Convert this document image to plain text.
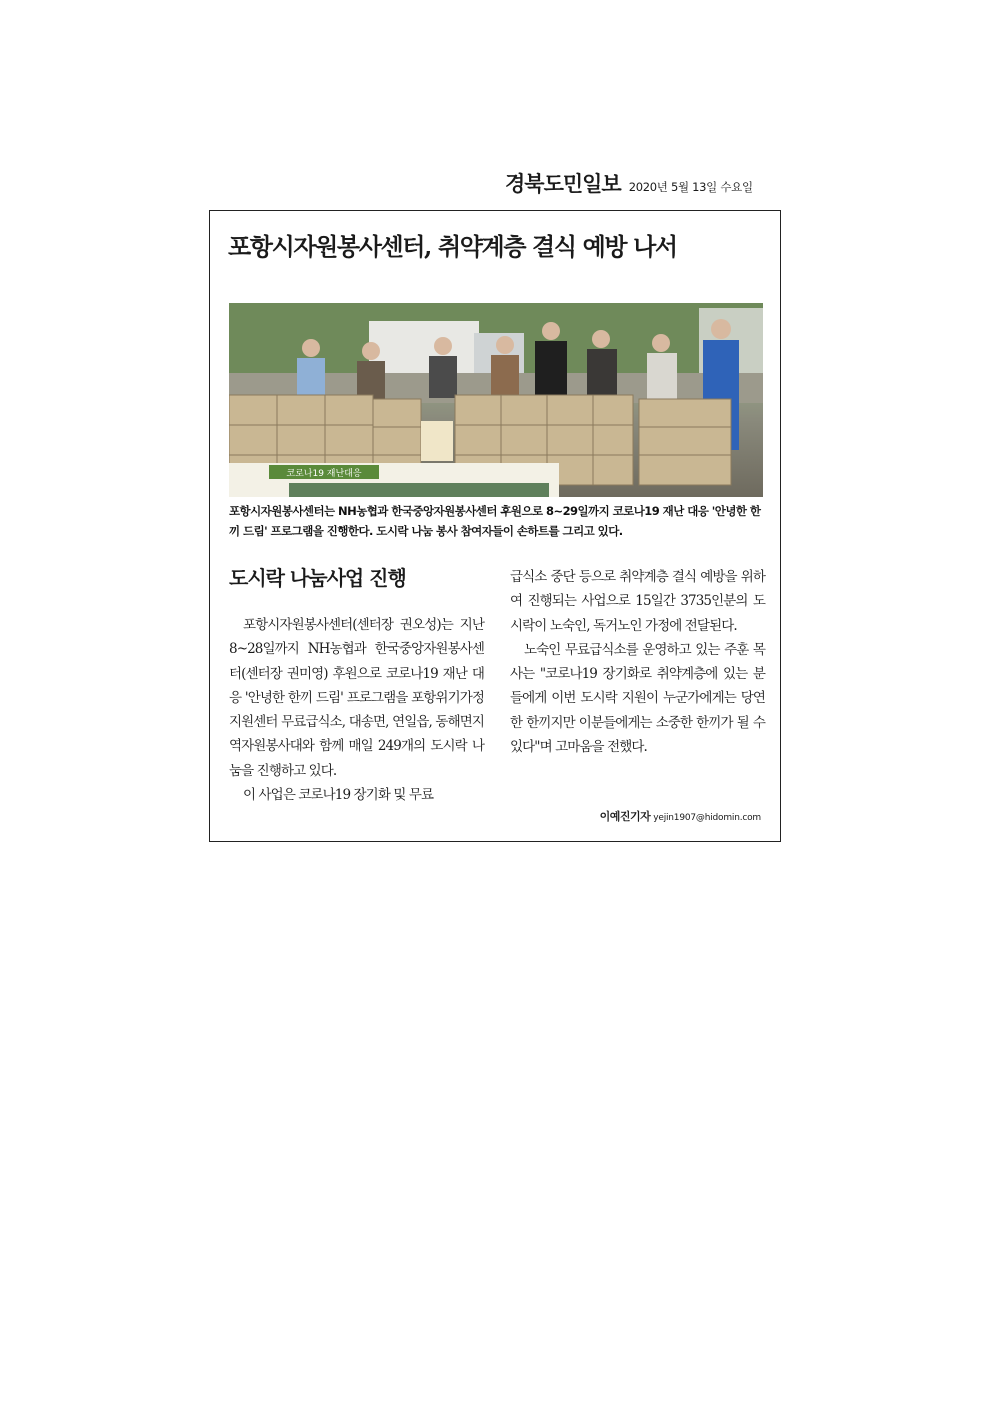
경북도민일보 2020년 5월 13일 수요일
포항시자원봉사센터, 취약계층 결식 예방 나서
코로나19 재난대응
포항시자원봉사센터는 NH농협과 한국중앙자원봉사센터 후원으로 8~29일까지 코로나19 재난 대응 '안녕한 한끼 드림' 프로그램을 진행한다. 도시락 나눔 봉사 참여자들이 손하트를 그리고 있다.
도시락 나눔사업 진행

포항시자원봉사센터(센터장 권오성)는 지난 8~28일까지 NH농협과 한국중앙자원봉사센터(센터장 권미영) 후원으로 코로나19 재난 대응 '안녕한 한끼 드림' 프로그램을 포항위기가정지원센터 무료급식소, 대송면, 연일읍, 동해면지역자원봉사대와 함께 매일 249개의 도시락 나눔을 진행하고 있다.

이 사업은 코로나19 장기화 및 무료

급식소 중단 등으로 취약계층 결식 예방을 위하여 진행되는 사업으로 15일간 3735인분의 도시락이 노숙인, 독거노인 가정에 전달된다.

노숙인 무료급식소를 운영하고 있는 주훈 목사는 "코로나19 장기화로 취약계층에 있는 분들에게 이번 도시락 지원이 누군가에게는 당연한 한끼지만 이분들에게는 소중한 한끼가 될 수 있다"며 고마움을 전했다.

이예진기자 yejin1907@hidomin.com
